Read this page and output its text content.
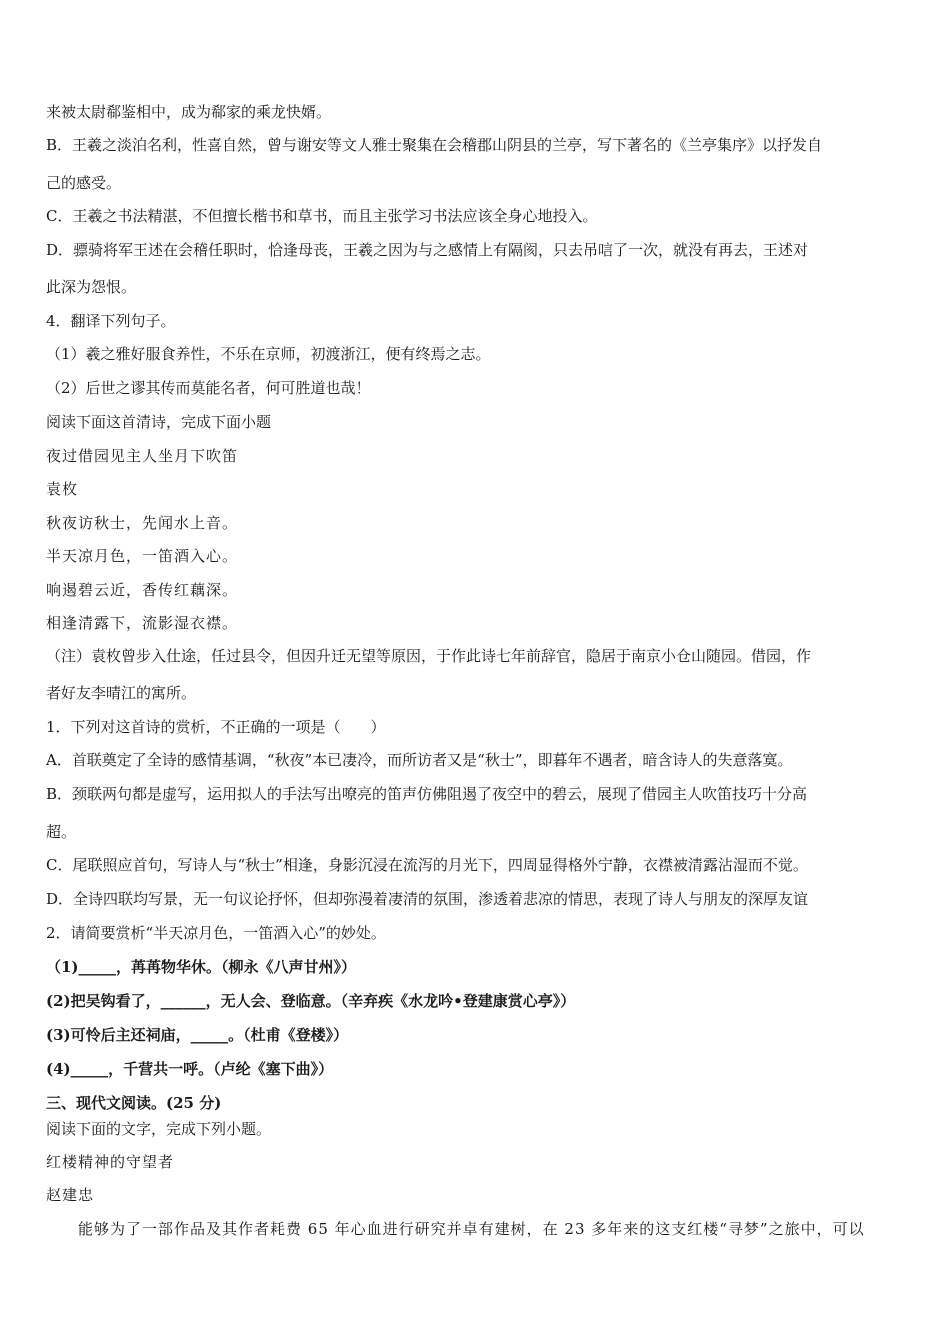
来被太尉郗鉴相中，成为郗家的乘龙快婿。
B．王羲之淡泊名利，性喜自然，曾与谢安等文人雅士聚集在会稽郡山阴县的兰亭，写下著名的《兰亭集序》以抒发自
己的感受。
C．王羲之书法精湛，不但擅长楷书和草书，而且主张学习书法应该全身心地投入。
D．骠骑将军王述在会稽任职时，恰逢母丧，王羲之因为与之感情上有隔阂，只去吊唁了一次，就没有再去，王述对
此深为怨恨。
4．翻译下列句子。
（1）羲之雅好服食养性，不乐在京师，初渡浙江，便有终焉之志。
（2）后世之谬其传而莫能名者，何可胜道也哉！
阅读下面这首清诗，完成下面小题
夜过借园见主人坐月下吹笛
袁枚
秋夜访秋士，先闻水上音。
半天凉月色，一笛酒入心。
响遏碧云近，香传红藕深。
相逢清露下，流影湿衣襟。
（注）袁枚曾步入仕途，任过县令，但因升迁无望等原因，于作此诗七年前辞官，隐居于南京小仓山随园。借园，作
者好友李晴江的寓所。
1．下列对这首诗的赏析，不正确的一项是（　　）
A．首联奠定了全诗的感情基调，“秋夜”本已凄冷，而所访者又是“秋士”，即暮年不遇者，暗含诗人的失意落寞。
B．颈联两句都是虚写，运用拟人的手法写出嘹亮的笛声仿佛阻遏了夜空中的碧云，展现了借园主人吹笛技巧十分高
超。
C．尾联照应首句，写诗人与“秋士”相逢，身影沉浸在流泻的月光下，四周显得格外宁静，衣襟被清露沾湿而不觉。
D．全诗四联均写景，无一句议论抒怀，但却弥漫着凄清的氛围，渗透着悲凉的情思，表现了诗人与朋友的深厚友谊
2．请简要赏析“半天凉月色，一笛酒入心”的妙处。
（1)_____，苒苒物华休。（柳永《八声甘州》）
(2)把吴钩看了，______，无人会、登临意。（辛弃疾《水龙吟•登建康赏心亭》）
(3)可怜后主还祠庙，_____。（杜甫《登楼》）
(4)_____，千营共一呼。（卢纶《塞下曲》）
三、现代文阅读。(25 分)
阅读下面的文字，完成下列小题。
红楼精神的守望者
赵建忠
能够为了一部作品及其作者耗费 65 年心血进行研究并卓有建树，在 23 多年来的这支红楼“寻梦”之旅中，可以
